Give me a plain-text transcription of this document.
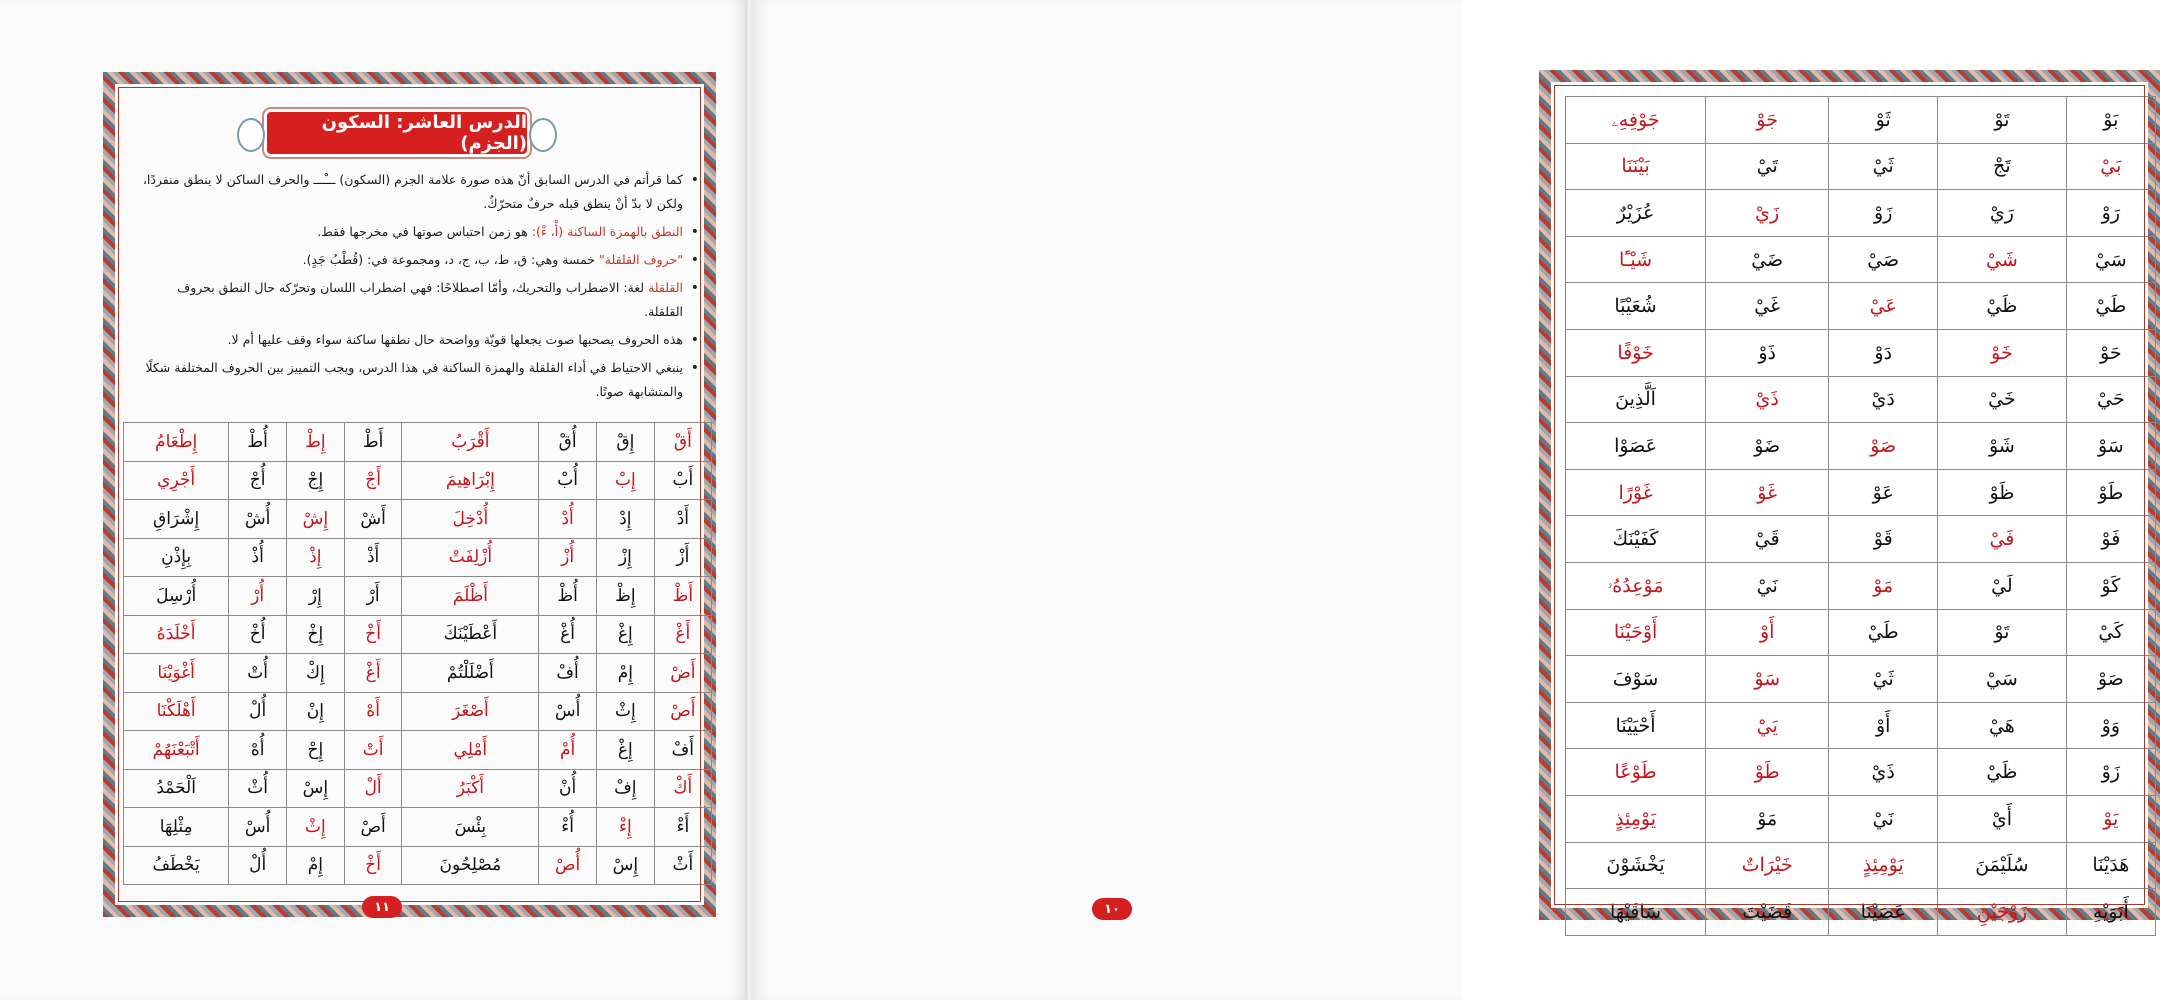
الدرس العاشر: السكون (الجزم)
• كما قرأتم في الدرس السابق أنّ هذه صورة علامة الجزم (السكون) ـــْـــ والحرف الساكن لا ينطق منفردًا، ولكن لا بدّ أنْ ينطق قبله حرفٌ متحرّكٌ.
• النطق بالهمزة الساكنة (أْ، ءْ): هو زمن احتباس صوتها في مخرجها فقط.
• "حروف القلقلة" خمسة وهي: ق، ط، ب، ج، د، ومجموعة في: (قُطْبُ جَدٍ).
• القلقلة لغة: الاضطراب والتحريك، وأمّا اصطلاحًا: فهي اضطراب اللسان وتحرّكه حال النطق بحروف القلقلة.
• هذه الحروف يصحبها صوت يجعلها قويّة وواضحة حال نطقها ساكنة سواء وقف عليها أم لا.
• ينبغي الاحتياط في أداء القلقلة والهمزة الساكنة في هذا الدرس، ويجب التمييز بين الحروف المختلفة شكلًا والمتشابهة صوتًا.
أَقْ	إِقْ	أُقْ	أَقْرَبُ	أَطْ	إِطْ	أُطْ	إِطْعَامُ
أَبْ	إِبْ	أُبْ	إِبْرَاهِيمَ	أَجْ	إِجْ	أُجْ	أَجْرِي
أَدْ	إِدْ	أُدْ	أُدْخِلَ	أَشْ	إِشْ	أُشْ	إِشْرَاقِ
أَزْ	إِزْ	أُزْ	أُزْلِفَتْ	أَذْ	إِذْ	أُذْ	بِإِذْنِ
أَظْ	إِظْ	أُظْ	أَظْلَمَ	أَرْ	إِرْ	أُرْ	أُرْسِلَ
أَغْ	إِغْ	أُغْ	أَعْطَيْنَكَ	أَخْ	إِخْ	أُخْ	أَخْلَدَهُ
أَضْ	إِمْ	أُفْ	أَضْلَلْتُمْ	أَغْ	إِكْ	أُتْ	أَغْوَيْنَا
أَصْ	إِثْ	أُسْ	أَصْغَرَ	أَهْ	إِنْ	أُلْ	أَهْلَكْنَا
أَفْ	إِغْ	أُمْ	أَمْلِي	أَتْ	إِحْ	أُهْ	أَتْبَعْنَهُمْ
أَكْ	إِفْ	أُنْ	أَكْبَرُ	أَلْ	إِسْ	أُثْ	اَلْحَمْدُ
أَءْ	إِءْ	أُءْ	بِئْسَ	أَصْ	إِثْ	أُسْ	مِثْلِهَا
أَثْ	إِسْ	أُصْ	مُصْلِحُونَ	أَخْ	إِمْ	أُلْ	يَخْطَفُ
١١
بَوْ	تَوْ	ثَوْ	جَوْ	جَوْفِهِۦ
بَيْ	تَجْ	ثَيْ	تَيْ	بَيْنَنَا
رَوْ	رَيْ	زَوْ	زَيْ	عُزَيْرٌ
سَيْ	شَيْ	صَيْ	ضَيْ	شَيْـًٔا
طَيْ	ظَيْ	عَيْ	غَيْ	شُعَيْبًا
حَوْ	خَوْ	دَوْ	ذَوْ	خَوْفًا
حَيْ	خَيْ	دَيْ	ذَيْ	اَلَّذِينَ
سَوْ	شَوْ	صَوْ	ضَوْ	عَصَوْا
طَوْ	ظَوْ	عَوْ	غَوْ	غَوْرًا
فَوْ	فَيْ	قَوْ	قَيْ	كَفَيْنَكَ
كَوْ	لَيْ	مَوْ	نَيْ	مَوْعِدُهُۥ
كَيْ	تَوْ	طَيْ	أَوْ	أَوْحَيْنَا
صَوْ	سَيْ	ثَيْ	سَوْ	سَوْفَ
وَوْ	هَيْ	أَوْ	يَيْ	أَحْيَيْنَا
زَوْ	ظَيْ	ذَيْ	طَوْ	طَوْعًا
يَوْ	أَيْ	نَيْ	مَوْ	يَوْمِئِذٍ
هَدَيْنَا	سُلَيْمَنَ	يَوْمِئِذٍ	خَيْرَاتٌ	يَخْشَوْنَ
أَبَوَيْهِ	زَوْجَيْنِ	عَصَيْنَا	قَضَيْتَ	سَاقَيْهَا
١٠
